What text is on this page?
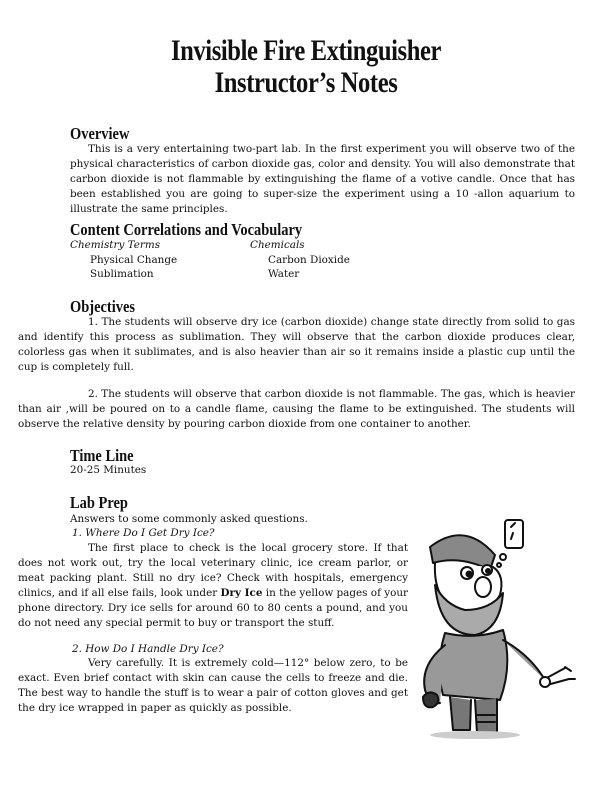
Invisible Fire Extinguisher
Instructor’s Notes
Overview
This is a very entertaining two-part lab. In the first experiment you will observe two of the physical characteristics of carbon dioxide gas, color and density. You will also demonstrate that carbon dioxide is not flammable by extinguishing the flame of a votive candle. Once that has been established you are going to super-size the experiment using a 10 -allon aquarium to illustrate the same principles.
Content Correlations and Vocabulary
Chemistry Terms	Chemicals
Physical Change
Sublimation
Carbon Dioxide
Water
Objectives
1. The students will observe dry ice (carbon dioxide) change state directly from solid to gas and identify this process as sublimation. They will observe that the carbon dioxide produces clear, colorless gas when it sublimates, and is also heavier than air so it remains inside a plastic cup until the cup is completely full.
2. The students will observe that carbon dioxide is not flammable. The gas, which is heavier than air ,will be poured on to a candle flame, causing the flame to be extinguished. The students will observe the relative density by pouring carbon dioxide from one container to another.
Time Line
20-25 Minutes
Lab Prep
Answers to some commonly asked questions.
1. Where Do I Get Dry Ice?
The first place to check is the local grocery store. If that does not work out, try the local veterinary clinic, ice cream parlor, or meat packing plant. Still no dry ice? Check with hospitals, emergency clinics, and if all else fails, look under Dry Ice in the yellow pages of your phone directory. Dry ice sells for around 60 to 80 cents a pound, and you do not need any special permit to buy or transport the stuff.
2. How Do I Handle Dry Ice?
Very carefully. It is extremely cold—112° below zero, to be exact. Even brief contact with skin can cause the cells to freeze and die. The best way to handle the stuff is to wear a pair of cotton gloves and get the dry ice wrapped in paper as quickly as possible.
